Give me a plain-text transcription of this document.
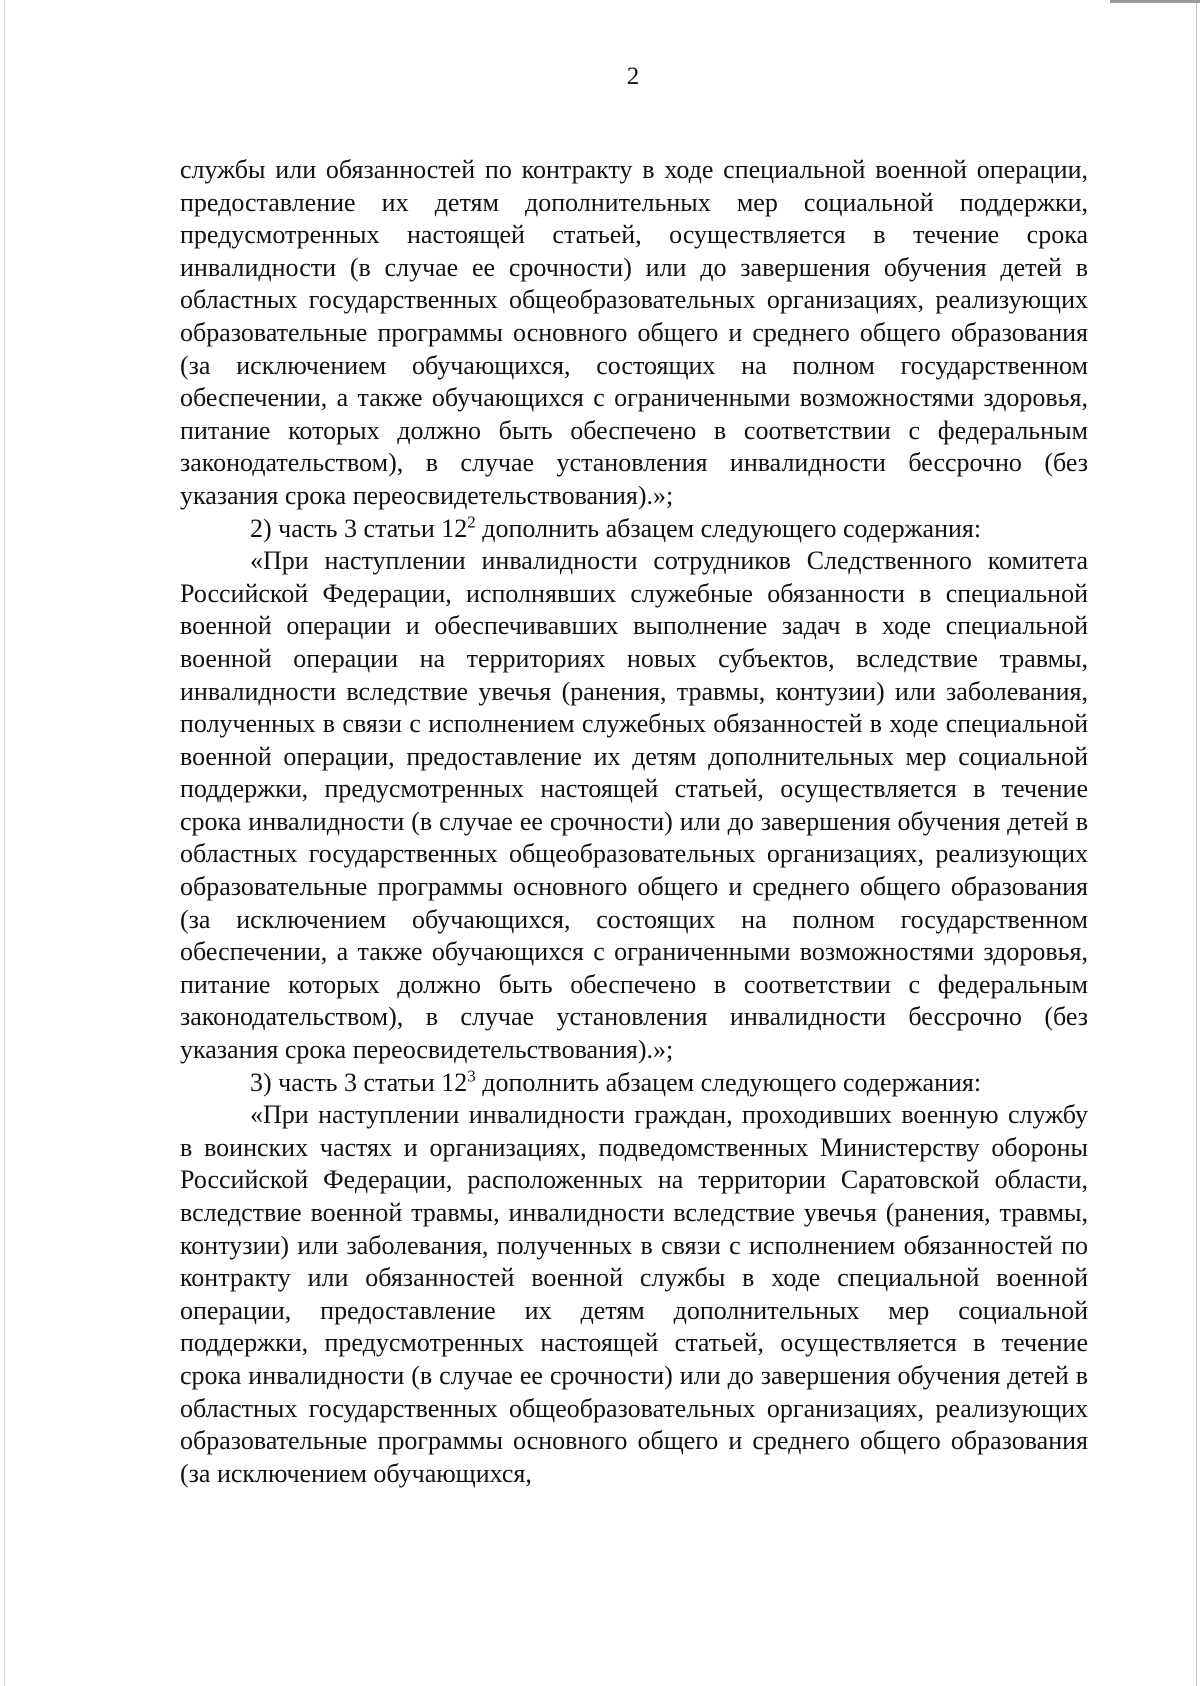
2

службы или обязанностей по контракту в ходе специальной военной операции, предоставление их детям дополнительных мер социальной поддержки, предусмотренных настоящей статьей, осуществляется в течение срока инвалидности (в случае ее срочности) или до завершения обучения детей в областных государственных общеобразовательных организациях, реализующих образовательные программы основного общего и среднего общего образования (за исключением обучающихся, состоящих на полном государственном обеспечении, а также обучающихся с ограниченными возможностями здоровья, питание которых должно быть обеспечено в соответствии с федеральным законодательством), в случае установления инвалидности бессрочно (без указания срока переосвидетельствования).»;

2) часть 3 статьи $12^2$ дополнить абзацем следующего содержания:

«При наступлении инвалидности сотрудников Следственного комитета Российской Федерации, исполнявших служебные обязанности в специальной военной операции и обеспечивавших выполнение задач в ходе специальной военной операции на территориях новых субъектов, вследствие травмы, инвалидности вследствие увечья (ранения, травмы, контузии) или заболевания, полученных в связи с исполнением служебных обязанностей в ходе специальной военной операции, предоставление их детям дополнительных мер социальной поддержки, предусмотренных настоящей статьей, осуществляется в течение срока инвалидности (в случае ее срочности) или до завершения обучения детей в областных государственных общеобразовательных организациях, реализующих образовательные программы основного общего и среднего общего образования (за исключением обучающихся, состоящих на полном государственном обеспечении, а также обучающихся с ограниченными возможностями здоровья, питание которых должно быть обеспечено в соответствии с федеральным законодательством), в случае установления инвалидности бессрочно (без указания срока переосвидетельствования).»;

3) часть 3 статьи $12^3$ дополнить абзацем следующего содержания:

«При наступлении инвалидности граждан, проходивших военную службу в воинских частях и организациях, подведомственных Министерству обороны Российской Федерации, расположенных на территории Саратовской области, вследствие военной травмы, инвалидности вследствие увечья (ранения, травмы, контузии) или заболевания, полученных в связи с исполнением обязанностей по контракту или обязанностей военной службы в ходе специальной военной операции, предоставление их детям дополнительных мер социальной поддержки, предусмотренных настоящей статьей, осуществляется в течение срока инвалидности (в случае ее срочности) или до завершения обучения детей в областных государственных общеобразовательных организациях, реализующих образовательные программы основного общего и среднего общего образования (за исключением обучающихся,
